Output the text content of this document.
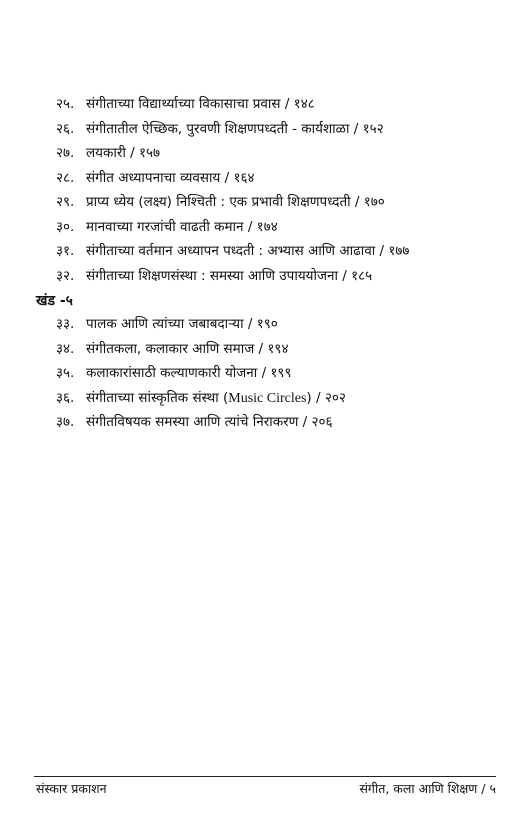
२५. संगीताच्या विद्यार्थ्याच्या विकासाचा प्रवास / १४८
२६. संगीतातील ऐच्छिक, पुरवणी शिक्षणपध्दती - कार्यशाळा / १५२
२७. लयकारी / १५७
२८. संगीत अध्यापनाचा व्यवसाय / १६४
२९. प्राप्य ध्येय (लक्ष्य) निश्चिती : एक प्रभावी शिक्षणपध्दती / १७०
३०. मानवाच्या गरजांची वाढती कमान / १७४
३१. संगीताच्या वर्तमान अध्यापन पध्दती : अभ्यास आणि आढावा / १७७
३२. संगीताच्या शिक्षणसंस्था : समस्या आणि उपाययोजना / १८५
खंड -५
३३. पालक आणि त्यांच्या जबाबदाऱ्या / १९०
३४. संगीतकला, कलाकार आणि समाज / १९४
३५. कलाकारांसाठी कल्याणकारी योजना / १९९
३६. संगीताच्या सांस्कृतिक संस्था (Music Circles) / २०२
३७. संगीतविषयक समस्या आणि त्यांचे निराकरण / २०६
संस्कार प्रकाशन	संगीत, कला आणि शिक्षण / ५
